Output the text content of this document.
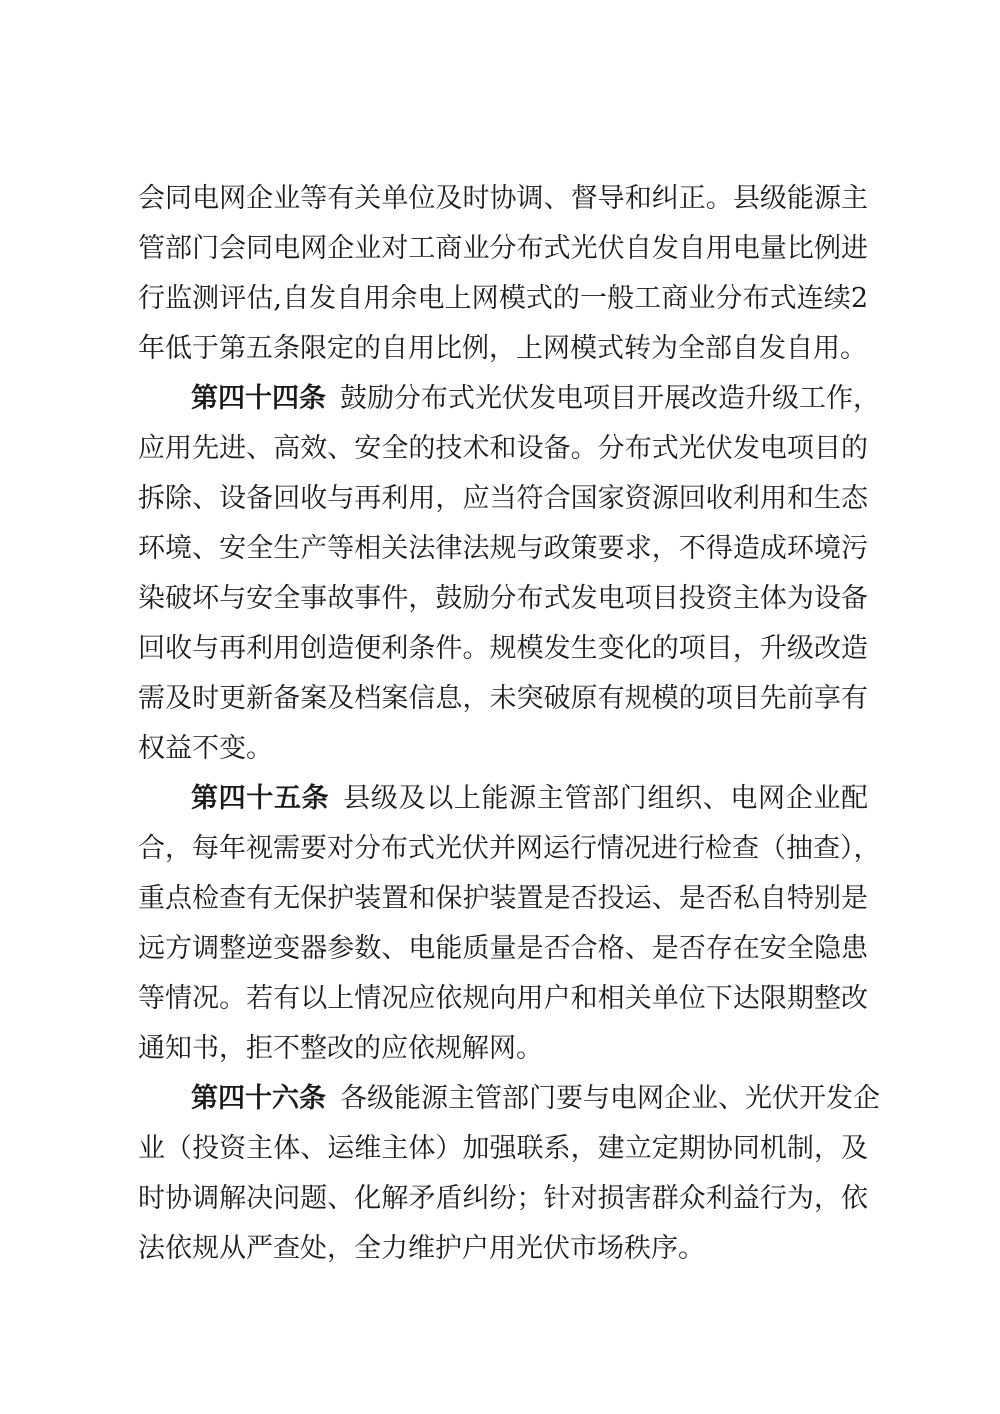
会同电网企业等有关单位及时协调、督导和纠正。县级能源主
管部门会同电网企业对工商业分布式光伏自发自用电量比例进
行监测评估,自发自用余电上网模式的一般工商业分布式连续2
年低于第五条限定的自用比例，上网模式转为全部自发自用。
第四十四条 鼓励分布式光伏发电项目开展改造升级工作，
应用先进、高效、安全的技术和设备。分布式光伏发电项目的
拆除、设备回收与再利用，应当符合国家资源回收利用和生态
环境、安全生产等相关法律法规与政策要求，不得造成环境污
染破坏与安全事故事件，鼓励分布式发电项目投资主体为设备
回收与再利用创造便利条件。规模发生变化的项目，升级改造
需及时更新备案及档案信息，未突破原有规模的项目先前享有
权益不变。
第四十五条 县级及以上能源主管部门组织、电网企业配
合，每年视需要对分布式光伏并网运行情况进行检查（抽查），
重点检查有无保护装置和保护装置是否投运、是否私自特别是
远方调整逆变器参数、电能质量是否合格、是否存在安全隐患
等情况。若有以上情况应依规向用户和相关单位下达限期整改
通知书，拒不整改的应依规解网。
第四十六条 各级能源主管部门要与电网企业、光伏开发企
业（投资主体、运维主体）加强联系，建立定期协同机制，及
时协调解决问题、化解矛盾纠纷；针对损害群众利益行为，依
法依规从严查处，全力维护户用光伏市场秩序。
